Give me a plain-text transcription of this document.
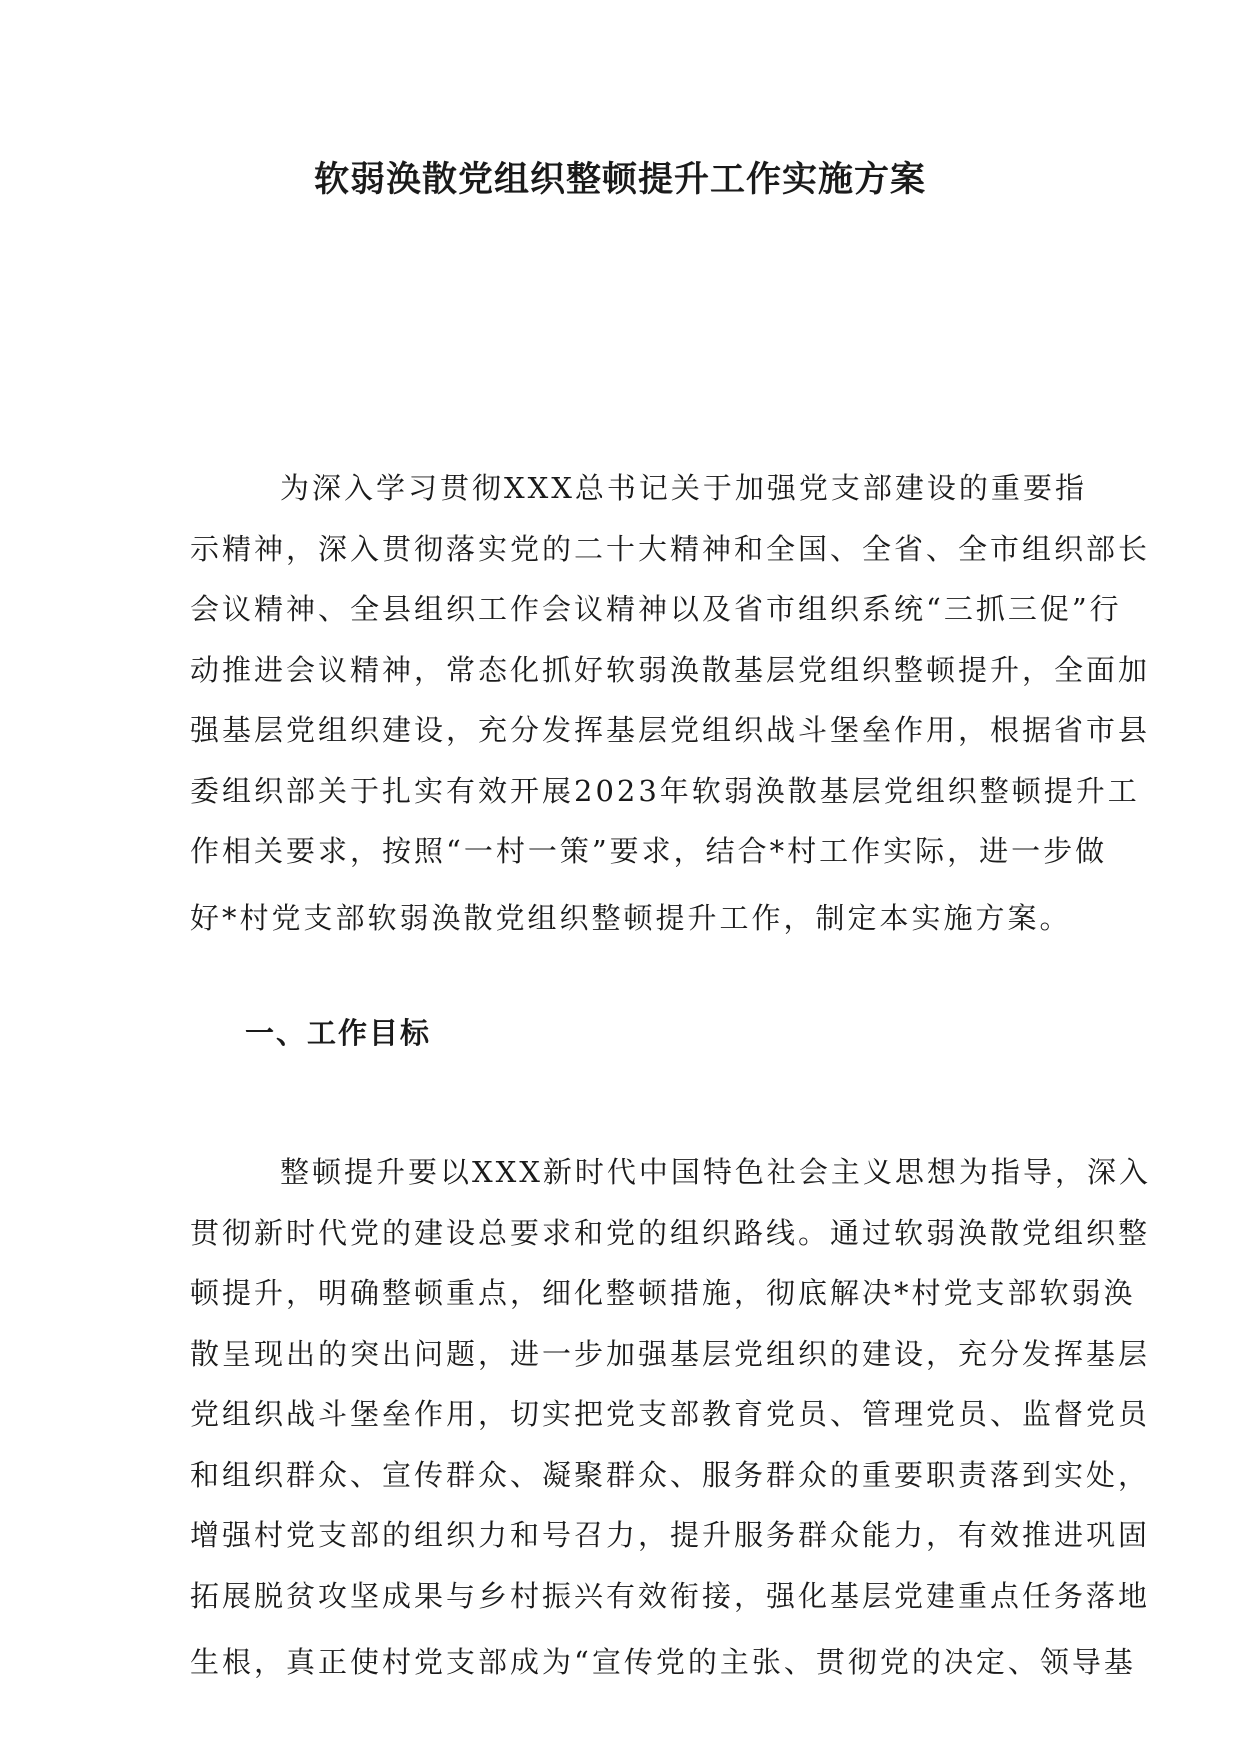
软弱涣散党组织整顿提升工作实施方案
为深入学习贯彻XXX总书记关于加强党支部建设的重要指
示精神，深入贯彻落实党的二十大精神和全国、全省、全市组织部长
会议精神、全县组织工作会议精神以及省市组织系统“三抓三促”行
动推进会议精神，常态化抓好软弱涣散基层党组织整顿提升，全面加
强基层党组织建设，充分发挥基层党组织战斗堡垒作用，根据省市县
委组织部关于扎实有效开展2023年软弱涣散基层党组织整顿提升工
作相关要求，按照“一村一策”要求，结合*村工作实际，进一步做
好*村党支部软弱涣散党组织整顿提升工作，制定本实施方案。
一、工作目标
整顿提升要以XXX新时代中国特色社会主义思想为指导，深入
贯彻新时代党的建设总要求和党的组织路线。通过软弱涣散党组织整
顿提升，明确整顿重点，细化整顿措施，彻底解决*村党支部软弱涣
散呈现出的突出问题，进一步加强基层党组织的建设，充分发挥基层
党组织战斗堡垒作用，切实把党支部教育党员、管理党员、监督党员
和组织群众、宣传群众、凝聚群众、服务群众的重要职责落到实处，
增强村党支部的组织力和号召力，提升服务群众能力，有效推进巩固
拓展脱贫攻坚成果与乡村振兴有效衔接，强化基层党建重点任务落地
生根，真正使村党支部成为“宣传党的主张、贯彻党的决定、领导基
